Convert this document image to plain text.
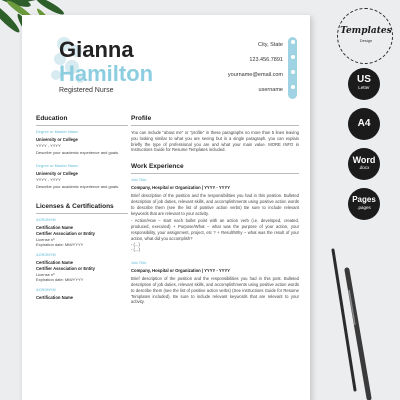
Gianna
Hamilton
Registered Nurse
City, State
123.456.7891
yourname@email.com
username
Education
Degree or Master Name
University or College
YYYY - YYYY
Describe your academic experience and goals.
Degree or Master Name
University or College
YYYY - YYYY
Describe your academic experience and goals.
Licenses & Certifications
ACRONYM
Certification Name
Certifier Association or Entity
License nº
Expiration date: MM/YYYY
ACRONYM
Certification Name
Certifier Association or Entity
License nº
Expiration date: MM/YYYY
ACRONYM
Certification Name
Profile
You can include "about me" or "profile" in these paragraphs no more than 5 lines leaving you looking similar to what you are seeing but in a single paragraph, you can explain briefly the type of professional you are and what your main value. MORE INFO in Instructions Guide for Resume Templates included.
Work Experience
Job Title
Company, Hospital or Organization | YYYY - YYYY
Brief description of the position and the responsibilities you had in this position. Bulleted description of job duties, relevant skills, and accomplishments using positive action words to describe them (see the list of positive action verbs) Be sure to include relevant keywords that are relevant to your activity.
- Action/How – start each bullet point with an action verb (i.e. developed, created, produced, executed) + Purpose/What – what was the purpose of your action, your responsibility, your assignment, project, etc ? + Result/Why – what was the result of your action, what did you accomplish?
- (...)
- (...)
Job Title
Company, Hospital or Organization | YYYY - YYYY
Brief description of the position and the responsibilities you had in this post. Bulleted description of job duties, relevant skills, and accomplishments using positive action words to describe them (see the list of positive action verbs) (See instructions Guide for Resume Templates included). Be sure to include relevant keywords that are relevant to your activity.
Templates
Design
US
Letter
A4
Word
.docx
Pages
.pages
